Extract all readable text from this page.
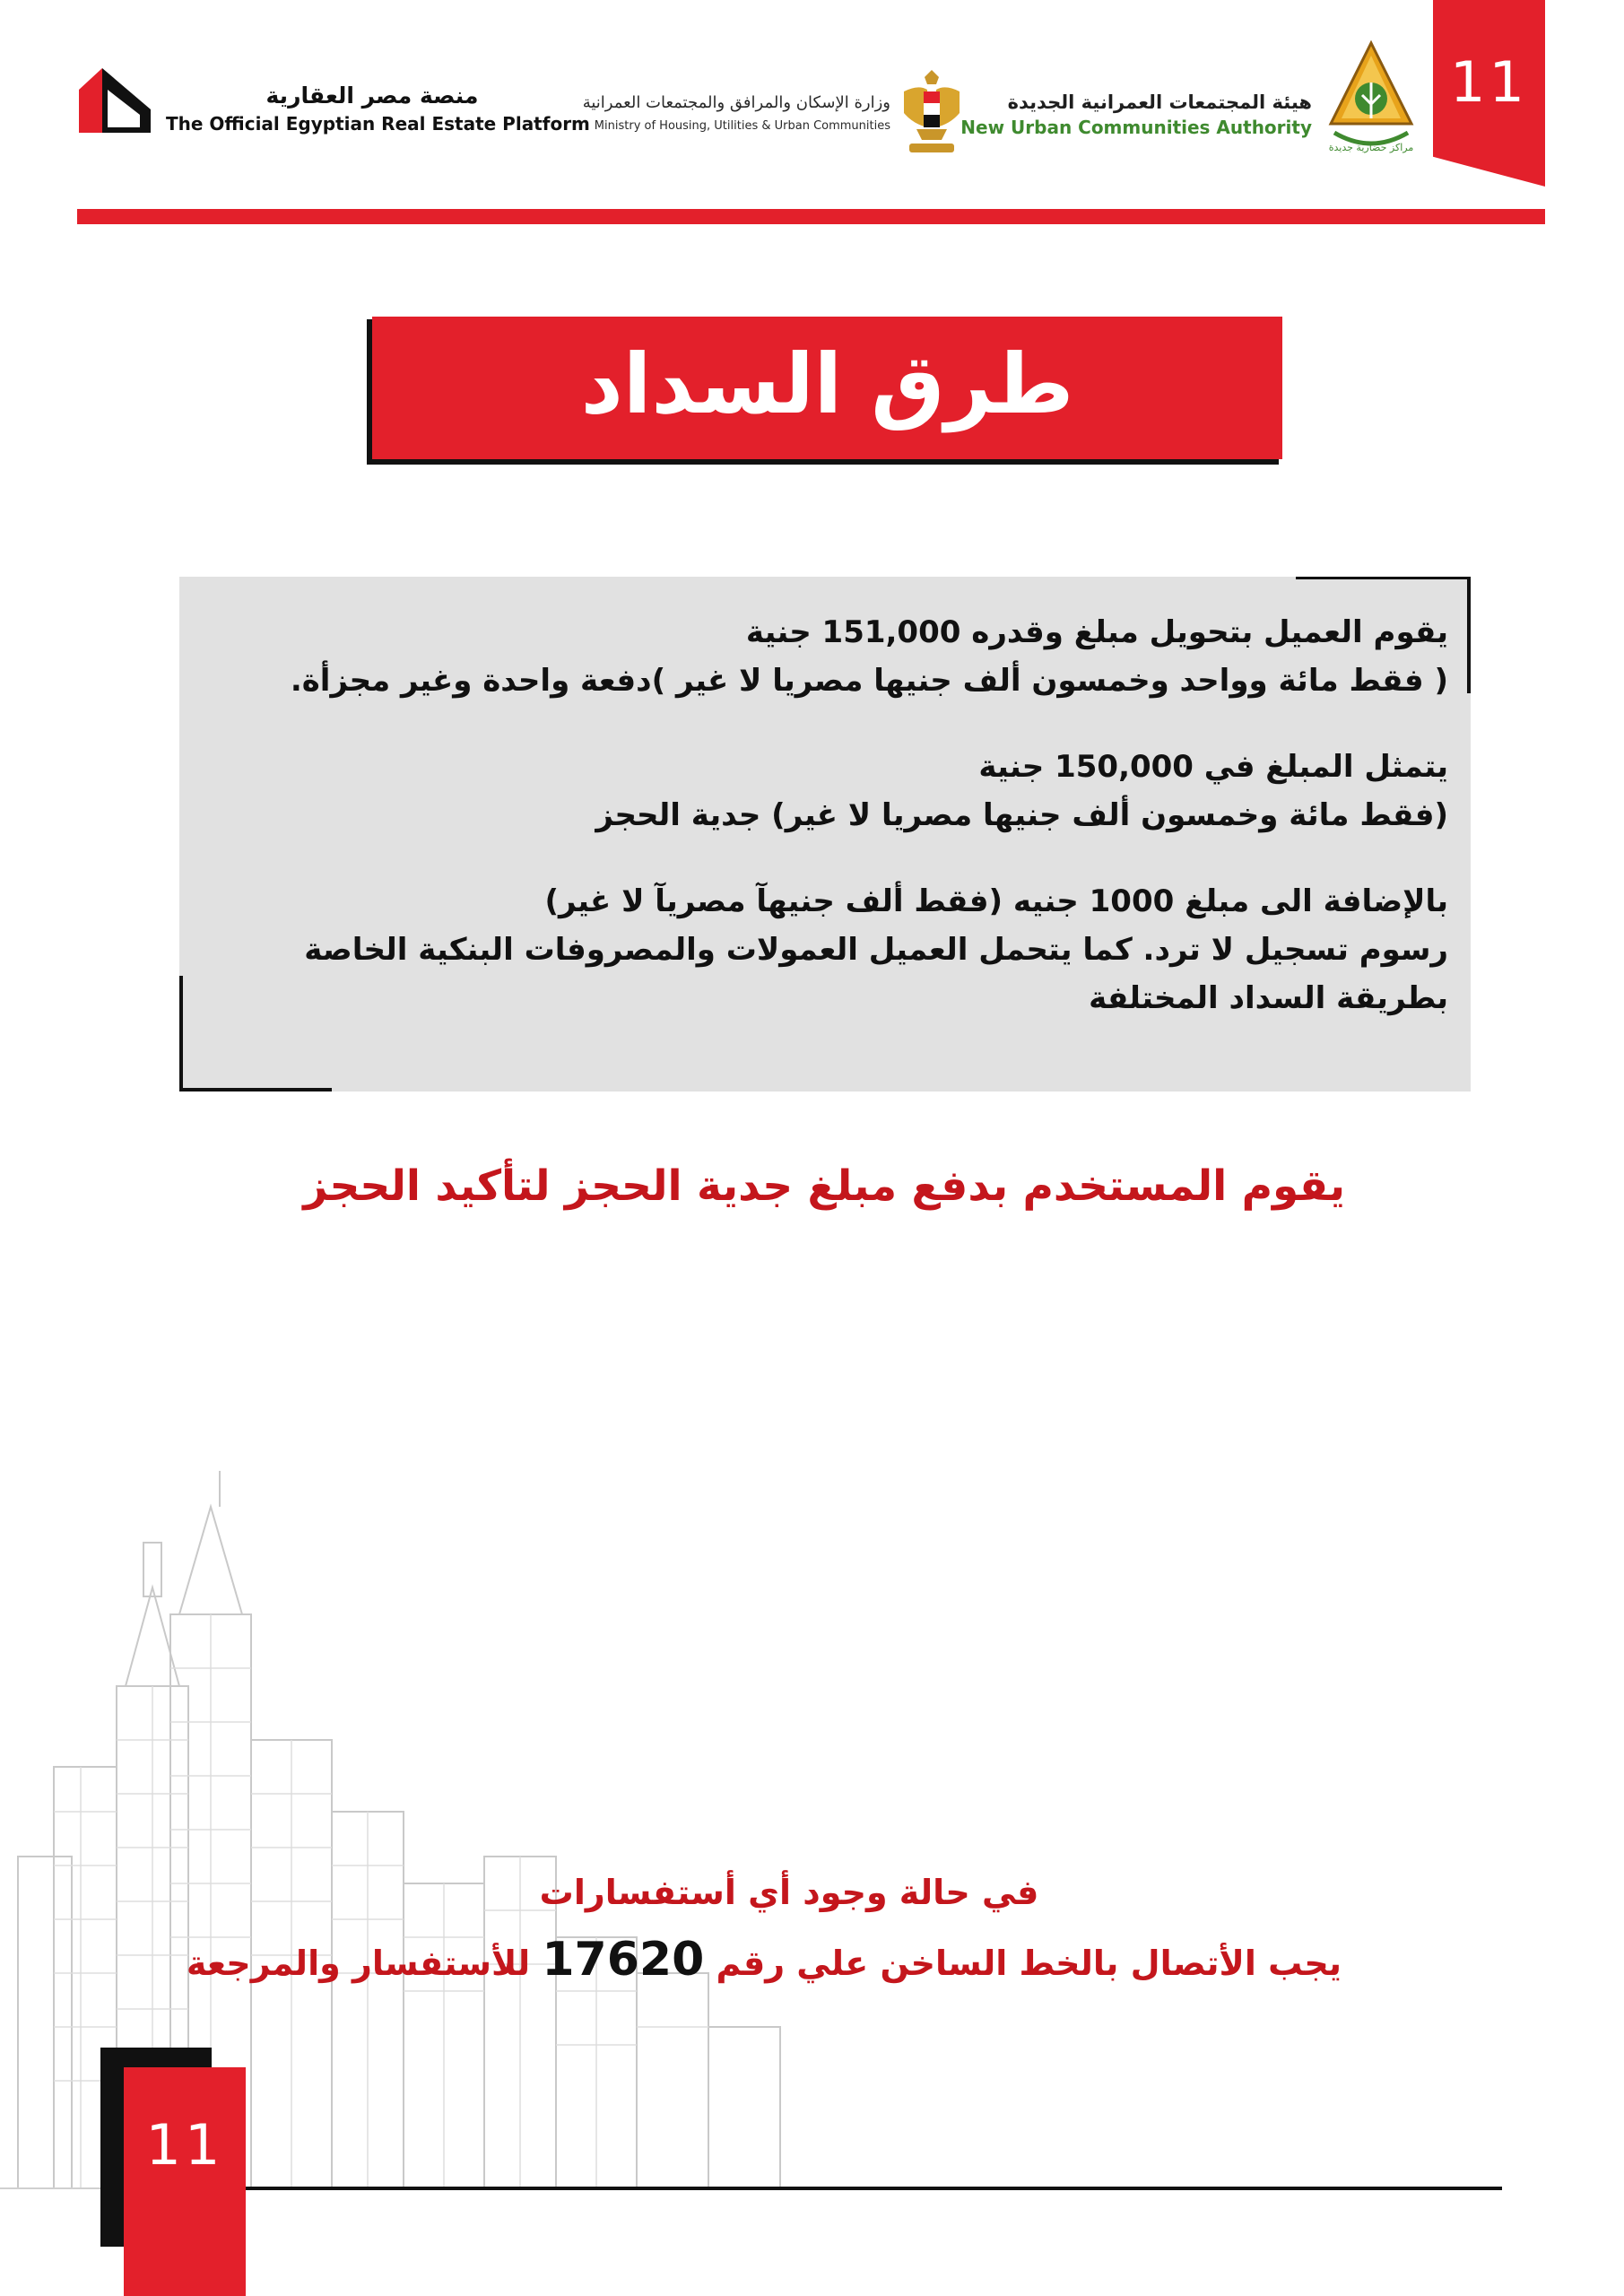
11
مراكز حضارية جديدة
هيئة المجتمعات العمرانية الجديدة
New Urban Communities Authority
وزارة الإسكان والمرافق والمجتمعات العمرانية
Ministry of Housing, Utilities & Urban Communities
منصة مصر العقارية
The Official Egyptian Real Estate Platform
طرق السداد
يقوم العميل بتحويل مبلغ وقدره 151,000 جنية
( فقط مائة وواحد وخمسون ألف جنيها مصريا لا غير )دفعة واحدة وغير مجزأة.
يتمثل المبلغ في 150,000 جنية
(فقط مائة وخمسون ألف جنيها مصريا لا غير) جدية الحجز
بالإضافة الى مبلغ 1000 جنيه (فقط ألف جنيهآ مصريآ لا غير)
رسوم تسجيل لا ترد. كما يتحمل العميل العمولات والمصروفات البنكية الخاصة
بطريقة السداد المختلفة
يقوم المستخدم بدفع مبلغ جدية الحجز لتأكيد الحجز
في حالة وجود أي أستفسارات
يجب الأتصال بالخط الساخن علي رقم 17620 للأستفسار والمرجعة
11
